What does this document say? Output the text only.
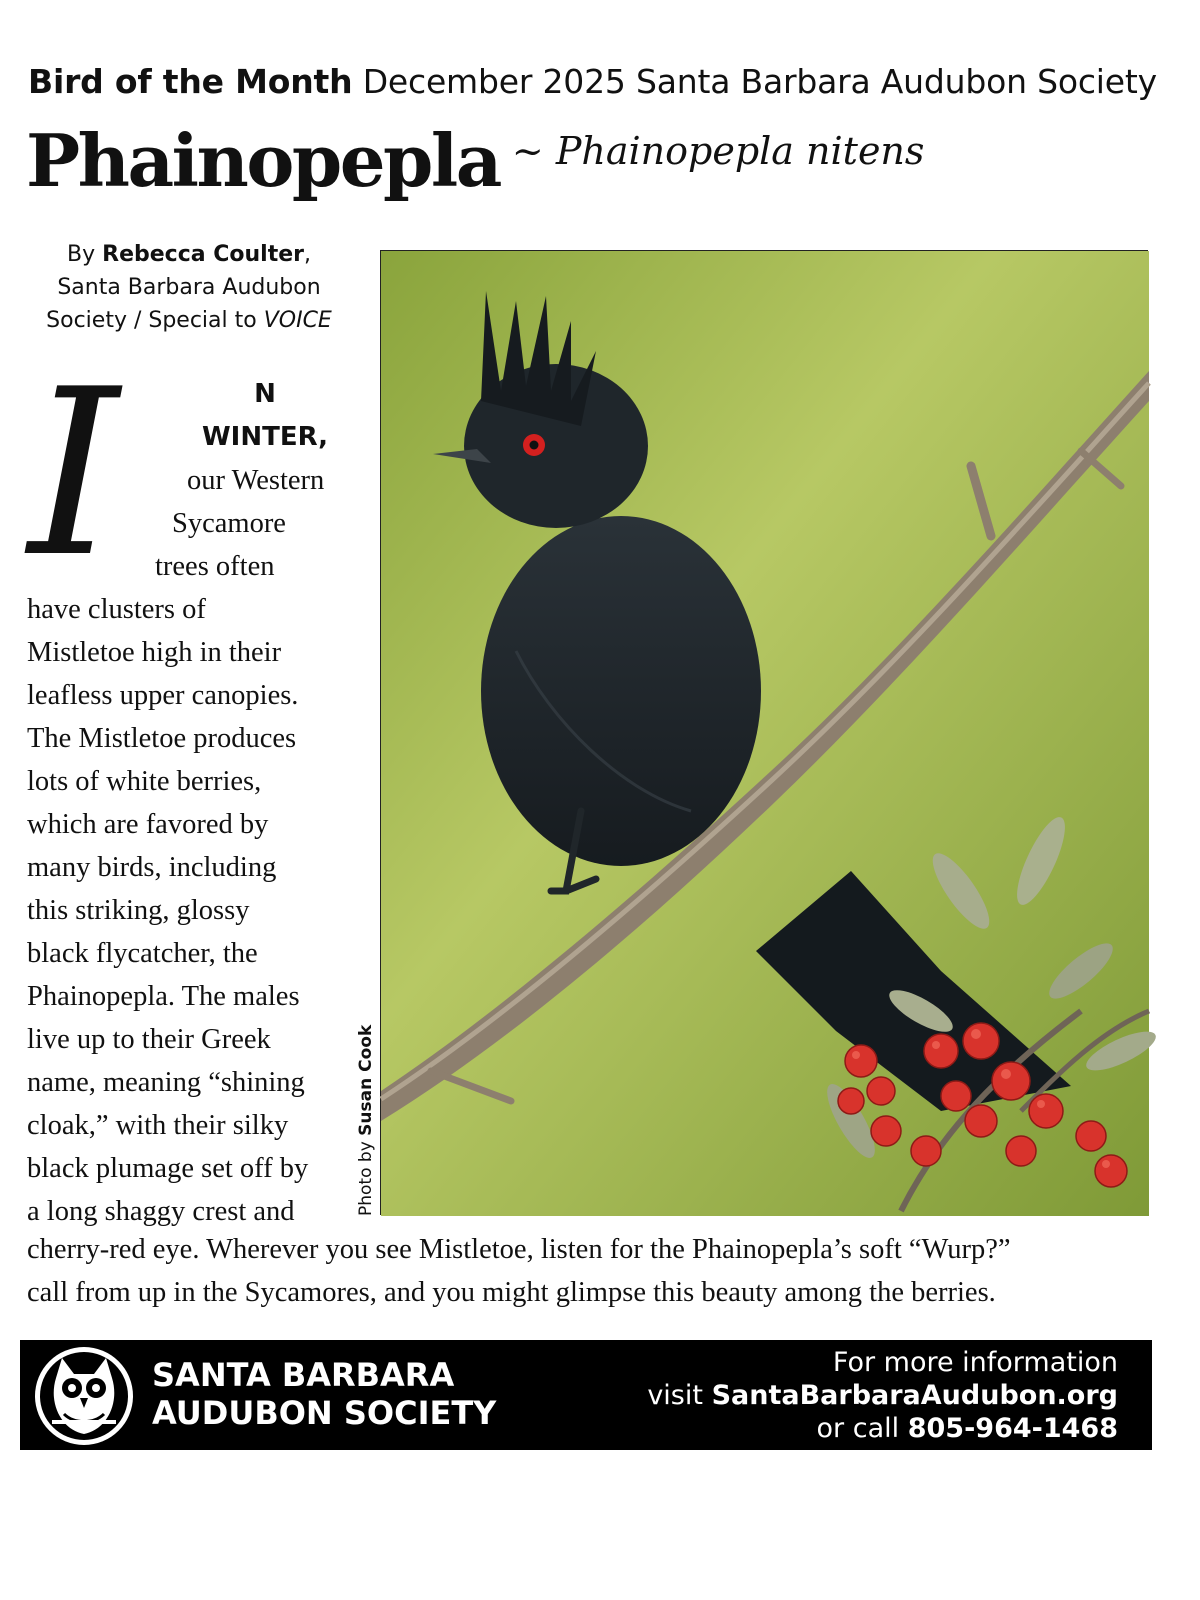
Bird of the Month December 2025 Santa Barbara Audubon Society
Phainopepla ~ Phainopepla nitens
By Rebecca Coulter,
Santa Barbara Audubon
Society / Special to VOICE
I	N
WINTER,
our Western
Sycamore
trees often
have clusters of
Mistletoe high in their
leafless upper canopies.
The Mistletoe produces
lots of white berries,
which are favored by
many birds, including
this striking, glossy
black flycatcher, the
Phainopepla. The males
live up to their Greek
name, meaning “shining
cloak,” with their silky
black plumage set off by
a long shaggy crest and
cherry-red eye. Wherever you see Mistletoe, listen for the Phainopepla’s soft “Wurp?”
call from up in the Sycamores, and you might glimpse this beauty among the berries.
Photo by Susan Cook
SANTA BARBARA
AUDUBON SOCIETY
For more information
visit SantaBarbaraAudubon.org
or call 805-964-1468
